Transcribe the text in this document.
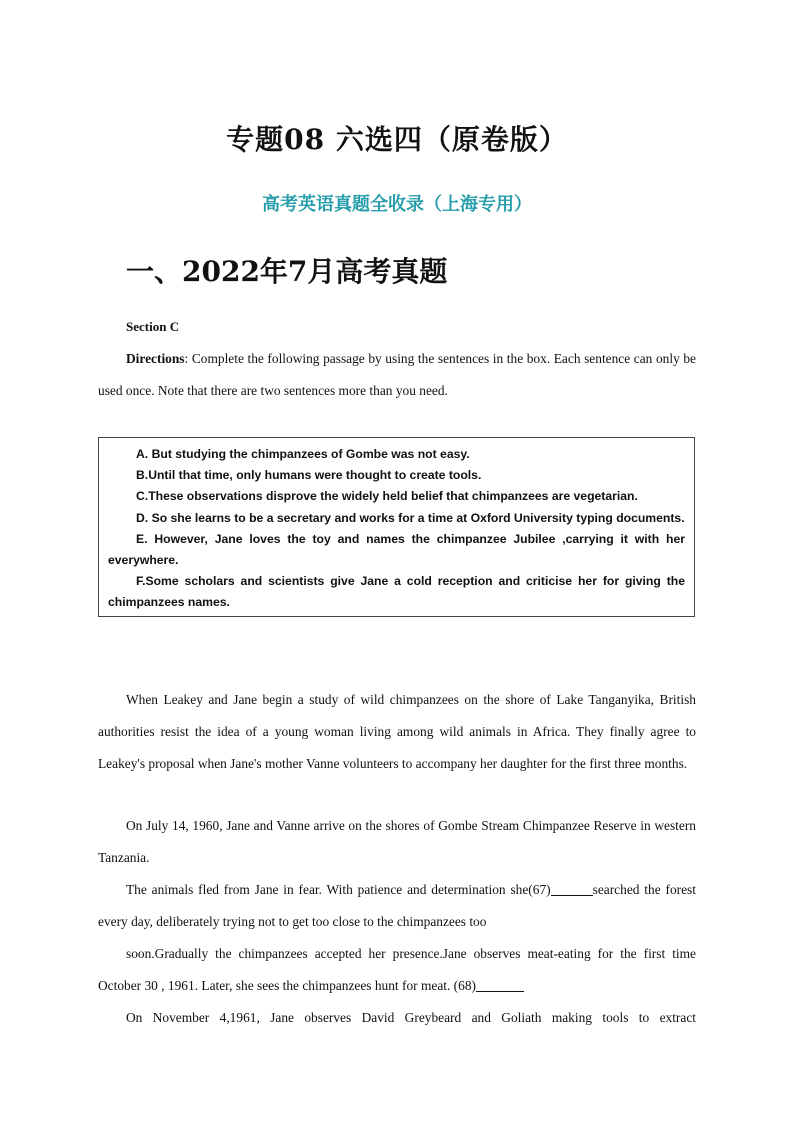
专题08 六选四（原卷版）
高考英语真题全收录（上海专用）
一、2022年7月高考真题
Section C
Directions: Complete the following passage by using the sentences in the box. Each sentence can only be used once. Note that there are two sentences more than you need.
A. But studying the chimpanzees of Gombe was not easy.
B.Until that time, only humans were thought to create tools.
C.These observations disprove the widely held belief that chimpanzees are vegetarian.
D. So she learns to be a secretary and works for a time at Oxford University typing documents.
E. However, Jane loves the toy and names the chimpanzee Jubilee ,carrying it with her everywhere.
F.Some scholars and scientists give Jane a cold reception and criticise her for giving the chimpanzees names.
When Leakey and Jane begin a study of wild chimpanzees on the shore of Lake Tanganyika, British authorities resist the idea of a young woman living among wild animals in Africa. They finally agree to Leakey's proposal when Jane's mother Vanne volunteers to accompany her daughter for the first three months.
On July 14, 1960, Jane and Vanne arrive on the shores of Gombe Stream Chimpanzee Reserve in western Tanzania.
The animals fled from Jane in fear. With patience and determination she(67)	searched the forest every day, deliberately trying not to get too close to the chimpanzees too
soon.Gradually the chimpanzees accepted her presence.Jane observes meat-eating for the first time October 30 , 1961. Later, she sees the chimpanzees hunt for meat. (68)
On November 4,1961, Jane observes David Greybeard and Goliath making tools to extract
